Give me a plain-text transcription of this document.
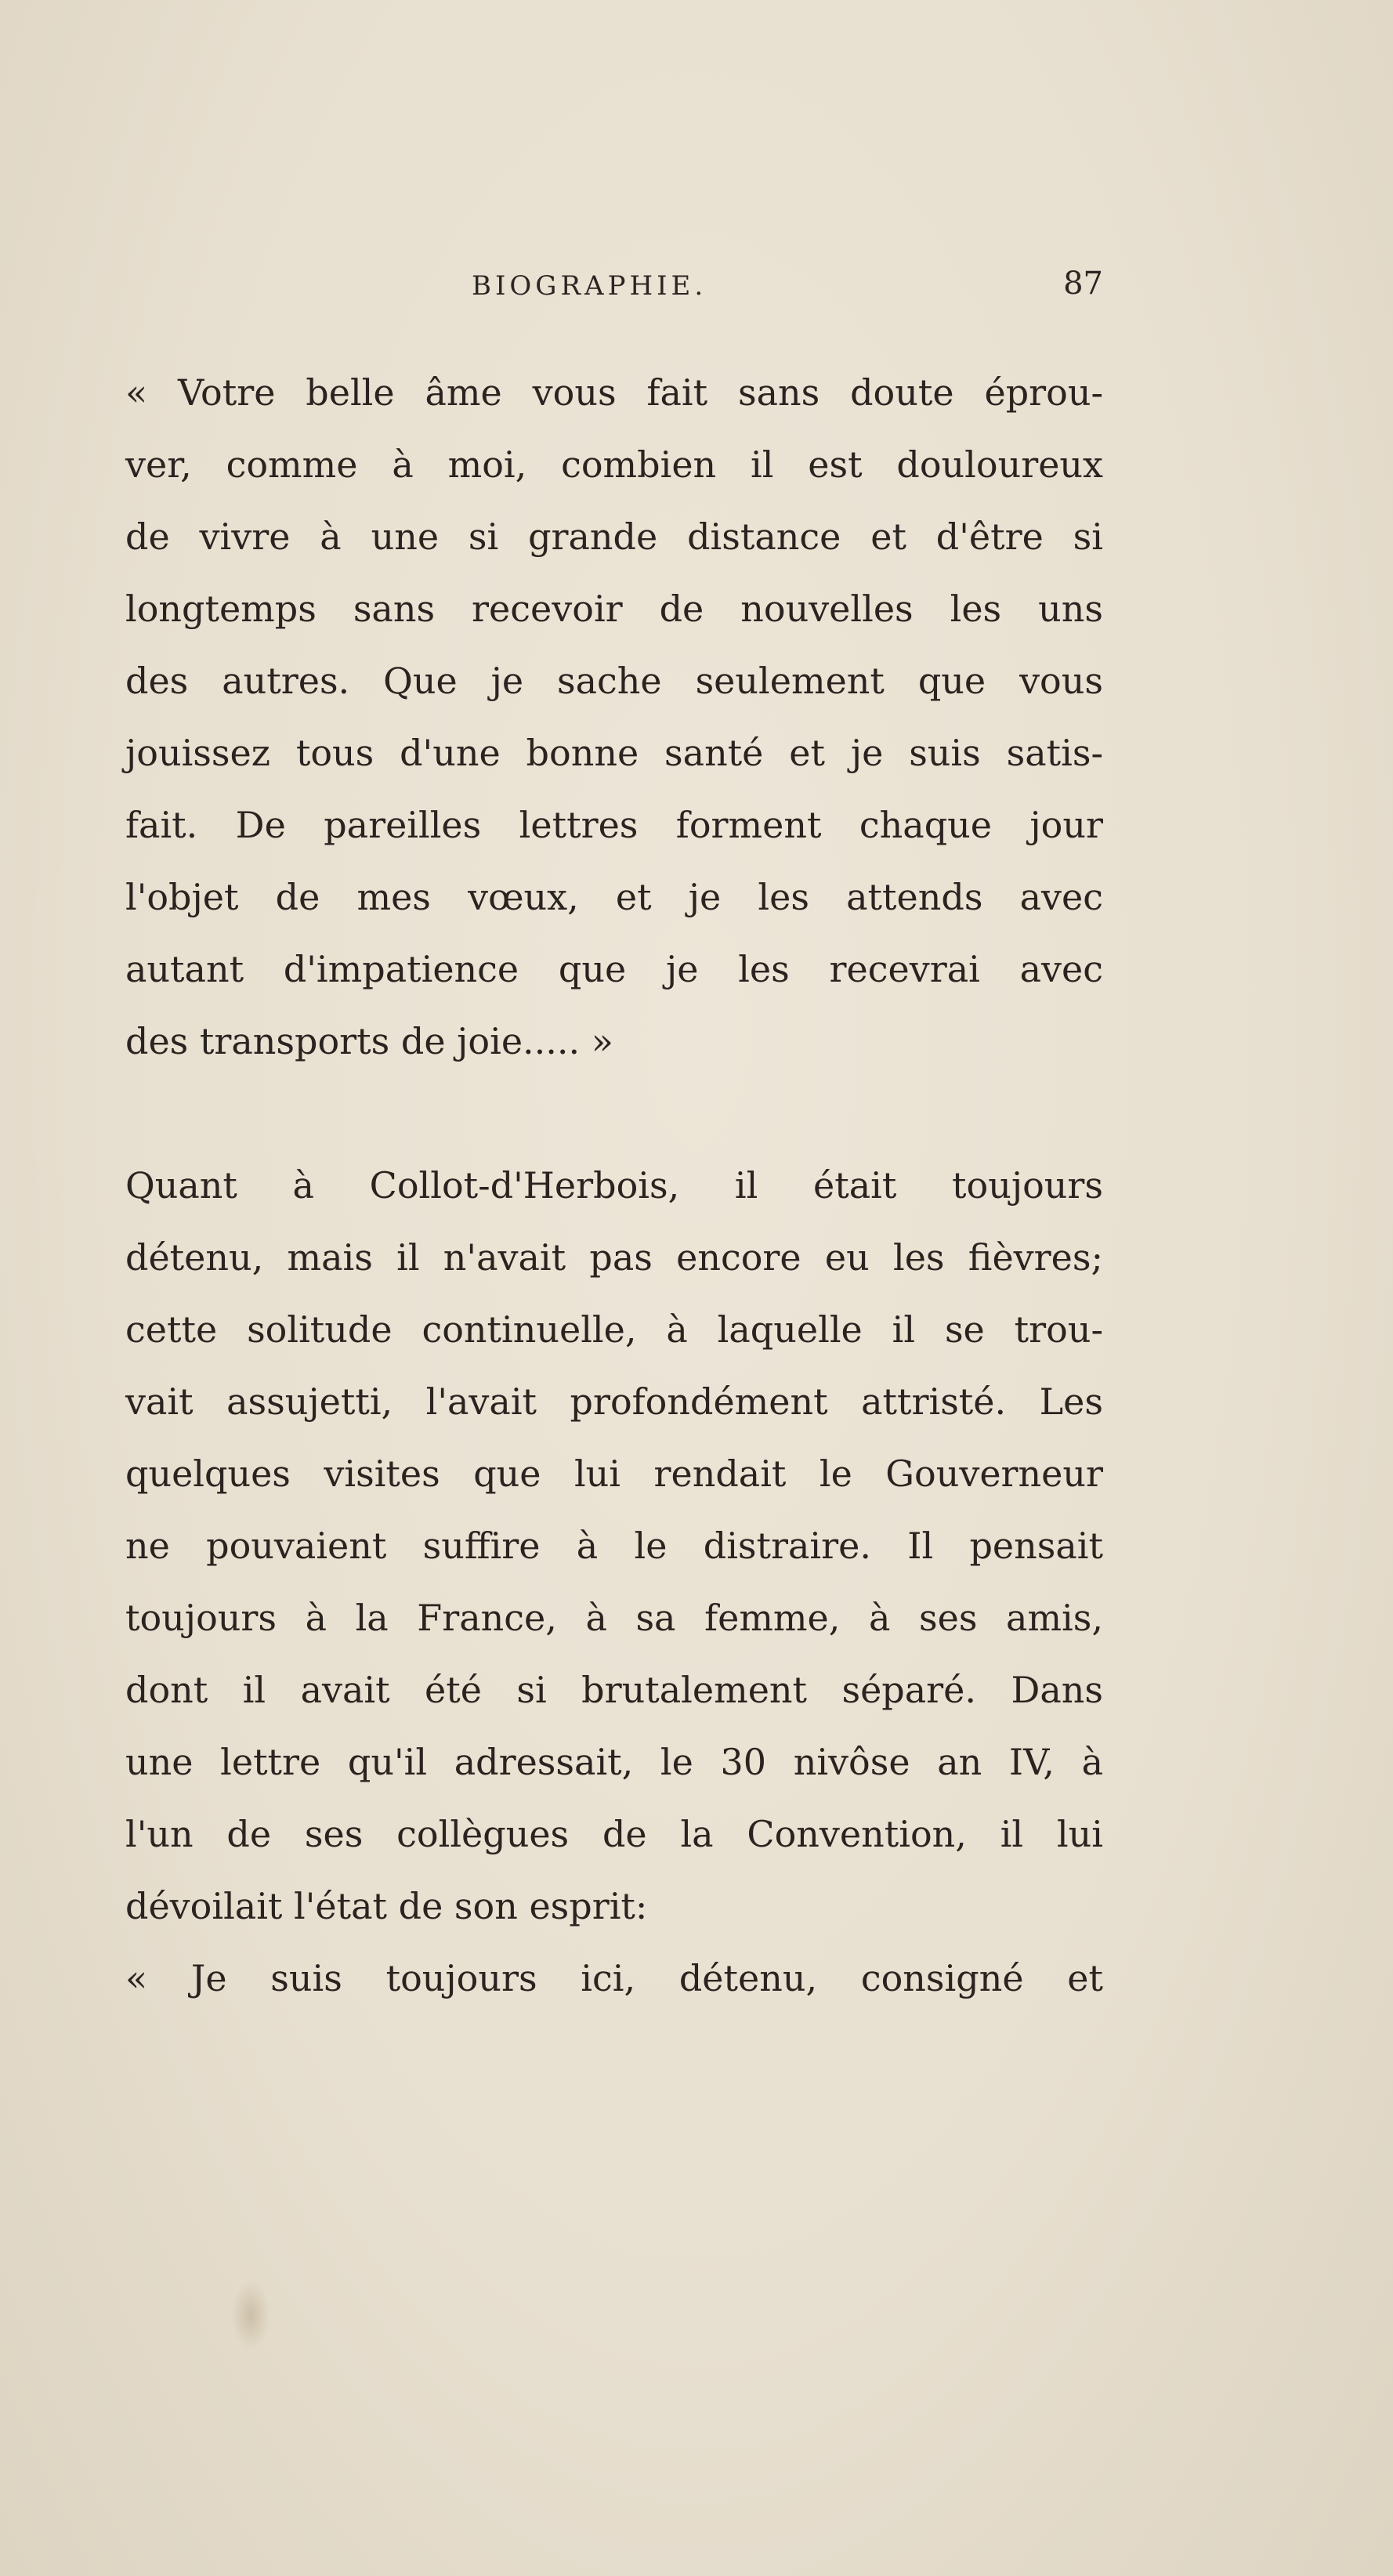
BIOGRAPHIE.	87
« Votre belle âme vous fait sans doute éprou-
ver, comme à moi, combien il est douloureux
de vivre à une si grande distance et d'être si
longtemps sans recevoir de nouvelles les uns
des autres. Que je sache seulement que vous
jouissez tous d'une bonne santé et je suis satis-
fait. De pareilles lettres forment chaque jour
l'objet de mes vœux, et je les attends avec
autant d'impatience que je les recevrai avec
des transports de joie..... »
Quant à Collot-d'Herbois, il était toujours
détenu, mais il n'avait pas encore eu les fièvres;
cette solitude continuelle, à laquelle il se trou-
vait assujetti, l'avait profondément attristé. Les
quelques visites que lui rendait le Gouverneur
ne pouvaient suffire à le distraire. Il pensait
toujours à la France, à sa femme, à ses amis,
dont il avait été si brutalement séparé. Dans
une lettre qu'il adressait, le 30 nivôse an IV, à
l'un de ses collègues de la Convention, il lui
dévoilait l'état de son esprit:
« Je suis toujours ici, détenu, consigné et
